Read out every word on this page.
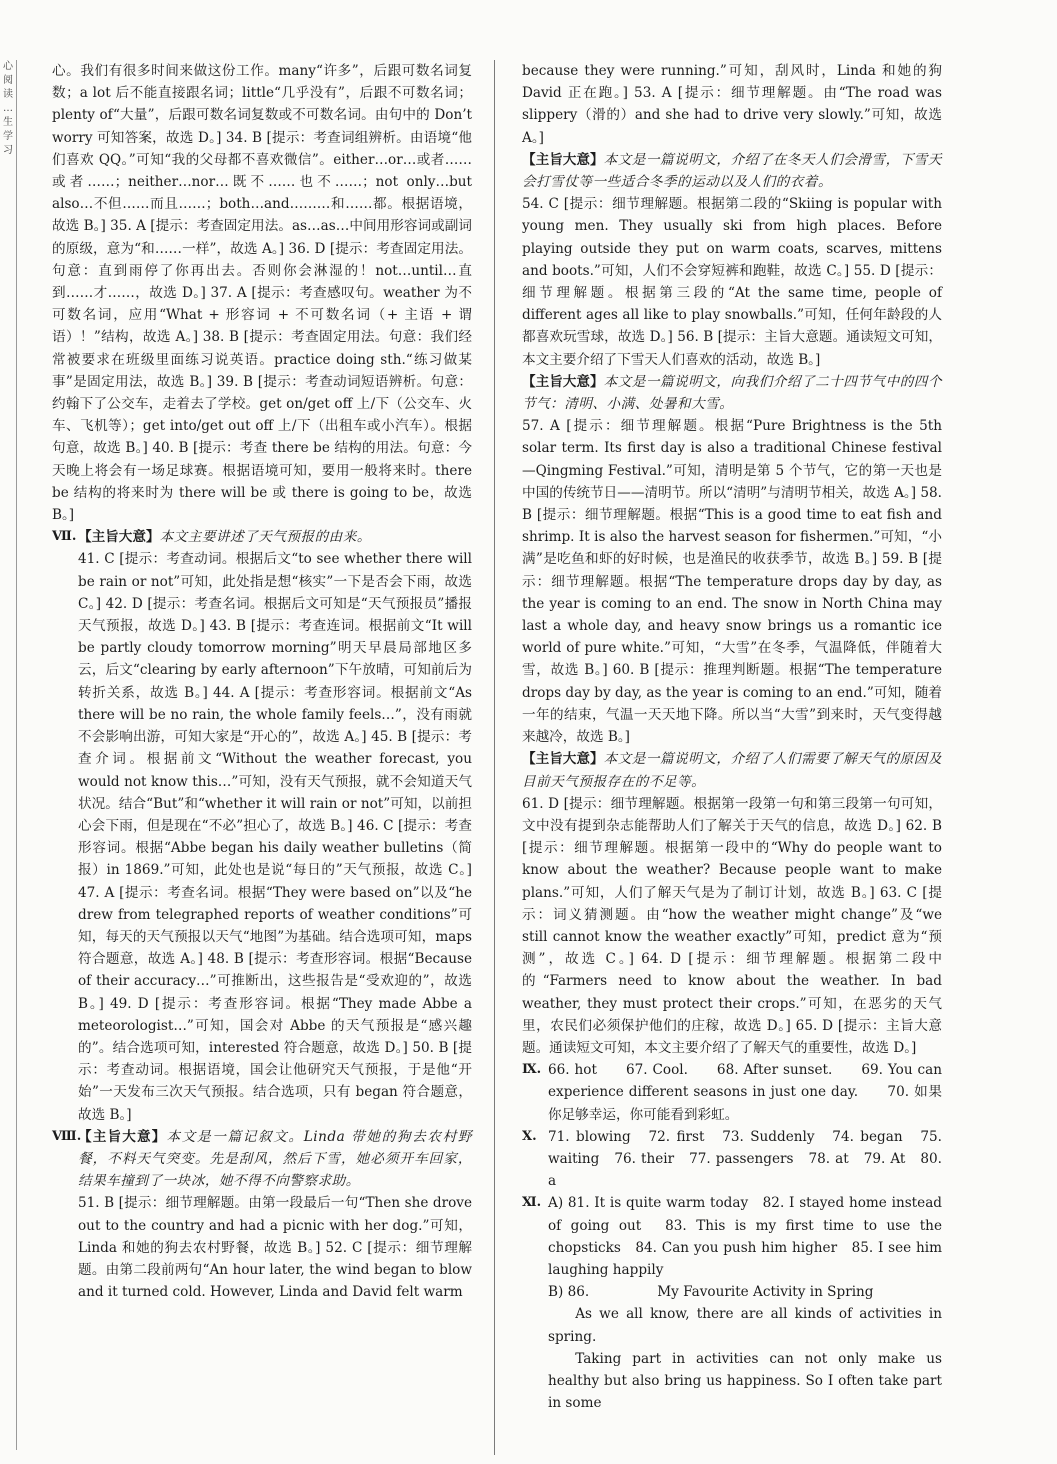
心 阅 读 … 生 学 习

心。我们有很多时间来做这份工作。many“许多”，后跟可数名词复数；a lot 后不能直接跟名词；little“几乎没有”，后跟不可数名词；plenty of“大量”，后跟可数名词复数或不可数名词。由句中的 Don’t worry 可知答案，故选 D。] 34. B [提示：考查词组辨析。由语境“他们喜欢 QQ。”可知“我的父母都不喜欢微信”。either…or…或者……或者……；neither…nor…既不……也不……；not only…but also…不但……而且……；both…and………和……都。根据语境，故选 B。] 35. A [提示：考查固定用法。as…as…中间用形容词或副词的原级，意为“和……一样”，故选 A。] 36. D [提示：考查固定用法。句意：直到雨停了你再出去。否则你会淋湿的！not…until…直到……才……，故选 D。] 37. A [提示：考查感叹句。weather 为不可数名词，应用“What + 形容词 + 不可数名词（+ 主语 + 谓语）！”结构，故选 A。] 38. B [提示：考查固定用法。句意：我们经常被要求在班级里面练习说英语。practice doing sth.“练习做某事”是固定用法，故选 B。] 39. B [提示：考查动词短语辨析。句意：约翰下了公交车，走着去了学校。get on/get off 上/下（公交车、火车、飞机等）；get into/get out off 上/下（出租车或小汽车）。根据句意，故选 B。] 40. B [提示：考查 there be 结构的用法。句意：今天晚上将会有一场足球赛。根据语境可知，要用一般将来时。there be 结构的将来时为 there will be 或 there is going to be，故选 B。]

Ⅶ. 【主旨大意】本文主要讲述了天气预报的由来。

41. C [提示：考查动词。根据后文“to see whether there will be rain or not”可知，此处指是想“核实”一下是否会下雨，故选 C。] 42. D [提示：考查名词。根据后文可知是“天气预报员”播报天气预报，故选 D。] 43. B [提示：考查连词。根据前文“It will be partly cloudy tomorrow morning”明天早晨局部地区多云，后文“clearing by early afternoon”下午放晴，可知前后为转折关系，故选 B。] 44. A [提示：考查形容词。根据前文“As there will be no rain, the whole family feels…”，没有雨就不会影响出游，可知大家是“开心的”，故选 A。] 45. B [提示：考查介词。根据前文“Without the weather forecast, you would not know this…”可知，没有天气预报，就不会知道天气状况。结合“But”和“whether it will rain or not”可知，以前担心会下雨，但是现在“不必”担心了，故选 B。] 46. C [提示：考查形容词。根据“Abbe began his daily weather bulletins（简报）in 1869.”可知，此处也是说“每日的”天气预报，故选 C。] 47. A [提示：考查名词。根据“They were based on”以及“he drew from telegraphed reports of weather conditions”可知，每天的天气预报以天气“地图”为基础。结合选项可知，maps 符合题意，故选 A。] 48. B [提示：考查形容词。根据“Because of their accuracy…”可推断出，这些报告是“受欢迎的”，故选 B。] 49. D [提示：考查形容词。根据“They made Abbe a meteorologist…”可知，国会对 Abbe 的天气预报是“感兴趣的”。结合选项可知，interested 符合题意，故选 D。] 50. B [提示：考查动词。根据语境，国会让他研究天气预报，于是他“开始”一天发布三次天气预报。结合选项，只有 began 符合题意，故选 B。]

Ⅷ.

【主旨大意】本文是一篇记叙文。Linda 带她的狗去农村野餐，不料天气突变。先是刮风，然后下雪，她必须开车回家，结果车撞到了一块冰，她不得不向警察求助。

51. B [提示：细节理解题。由第一段最后一句“Then she drove out to the country and had a picnic with her dog.”可知，Linda 和她的狗去农村野餐，故选 B。] 52. C [提示：细节理解题。由第二段前两句“An hour later, the wind began to blow and it turned cold. However, Linda and David felt warm

because they were running.”可知，刮风时，Linda 和她的狗 David 正在跑。] 53. A [提示：细节理解题。由“The road was slippery（滑的）and she had to drive very slowly.”可知，故选 A。]

【主旨大意】本文是一篇说明文，介绍了在冬天人们会滑雪，下雪天会打雪仗等一些适合冬季的运动以及人们的衣着。

54. C [提示：细节理解题。根据第二段的“Skiing is popular with young men. They usually ski from high places. Before playing outside they put on warm coats, scarves, mittens and boots.”可知，人们不会穿短裤和跑鞋，故选 C。] 55. D [提示：细节理解题。根据第三段的“At the same time, people of different ages all like to play snowballs.”可知，任何年龄段的人都喜欢玩雪球，故选 D。] 56. B [提示：主旨大意题。通读短文可知，本文主要介绍了下雪天人们喜欢的活动，故选 B。]

【主旨大意】本文是一篇说明文，向我们介绍了二十四节气中的四个节气：清明、小满、处暑和大雪。

57. A [提示：细节理解题。根据“Pure Brightness is the 5th solar term. Its first day is also a traditional Chinese festival—Qingming Festival.”可知，清明是第 5 个节气，它的第一天也是中国的传统节日——清明节。所以“清明”与清明节相关，故选 A。] 58. B [提示：细节理解题。根据“This is a good time to eat fish and shrimp. It is also the harvest season for fishermen.”可知，“小满”是吃鱼和虾的好时候，也是渔民的收获季节，故选 B。] 59. B [提示：细节理解题。根据“The temperature drops day by day, as the year is coming to an end. The snow in North China may last a whole day, and heavy snow brings us a romantic ice world of pure white.”可知，“大雪”在冬季，气温降低，伴随着大雪，故选 B。] 60. B [提示：推理判断题。根据“The temperature drops day by day, as the year is coming to an end.”可知，随着一年的结束，气温一天天地下降。所以当“大雪”到来时，天气变得越来越冷，故选 B。]

【主旨大意】本文是一篇说明文，介绍了人们需要了解天气的原因及目前天气预报存在的不足等。

61. D [提示：细节理解题。根据第一段第一句和第三段第一句可知，文中没有提到杂志能帮助人们了解关于天气的信息，故选 D。] 62. B [提示：细节理解题。根据第一段中的“Why do people want to know about the weather? Because people want to make plans.”可知，人们了解天气是为了制订计划，故选 B。] 63. C [提示：词义猜测题。由“how the weather might change”及“we still cannot know the weather exactly”可知，predict 意为“预测”，故选 C。] 64. D [提示：细节理解题。根据第二段中的“Farmers need to know about the weather. In bad weather, they must protect their crops.”可知，在恶劣的天气里，农民们必须保护他们的庄稼，故选 D。] 65. D [提示：主旨大意题。通读短文可知，本文主要介绍了了解天气的重要性，故选 D。]

Ⅸ. 66. hot　　67. Cool.　　68. After sunset.　　69. You can experience different seasons in just one day.　　70. 如果你足够幸运，你可能看到彩虹。

Ⅹ. 71. blowing　72. first　73. Suddenly　74. began　75. waiting　76. their　77. passengers　78. at　79. At　80. a

Ⅺ. A) 81. It is quite warm today　82. I stayed home instead of going out　83. This is my first time to use the chopsticks　84. Can you push him higher　85. I see him laughing happily

B) 86.　　　　　	My Favourite Activity in Spring

As we all know, there are all kinds of activities in spring.

Taking part in activities can not only make us healthy but also bring us happiness. So I often take part in some
